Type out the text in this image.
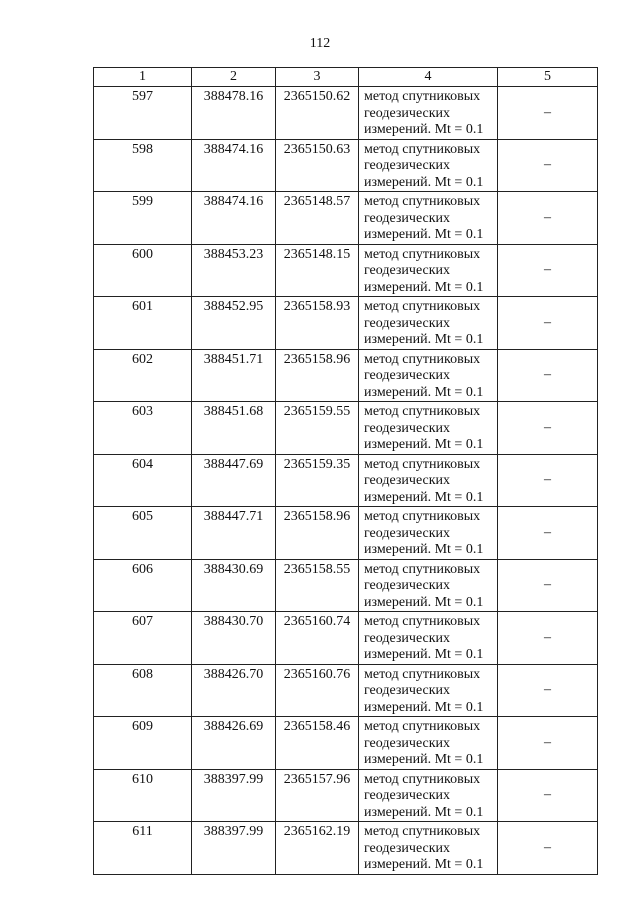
112
1	2	3	4	5
597	388478.16	2365150.62	метод спутниковых геодезических измерений. Mt = 0.1	–
598	388474.16	2365150.63	метод спутниковых геодезических измерений. Mt = 0.1	–
599	388474.16	2365148.57	метод спутниковых геодезических измерений. Mt = 0.1	–
600	388453.23	2365148.15	метод спутниковых геодезических измерений. Mt = 0.1	–
601	388452.95	2365158.93	метод спутниковых геодезических измерений. Mt = 0.1	–
602	388451.71	2365158.96	метод спутниковых геодезических измерений. Mt = 0.1	–
603	388451.68	2365159.55	метод спутниковых геодезических измерений. Mt = 0.1	–
604	388447.69	2365159.35	метод спутниковых геодезических измерений. Mt = 0.1	–
605	388447.71	2365158.96	метод спутниковых геодезических измерений. Mt = 0.1	–
606	388430.69	2365158.55	метод спутниковых геодезических измерений. Mt = 0.1	–
607	388430.70	2365160.74	метод спутниковых геодезических измерений. Mt = 0.1	–
608	388426.70	2365160.76	метод спутниковых геодезических измерений. Mt = 0.1	–
609	388426.69	2365158.46	метод спутниковых геодезических измерений. Mt = 0.1	–
610	388397.99	2365157.96	метод спутниковых геодезических измерений. Mt = 0.1	–
611	388397.99	2365162.19	метод спутниковых геодезических измерений. Mt = 0.1	–
